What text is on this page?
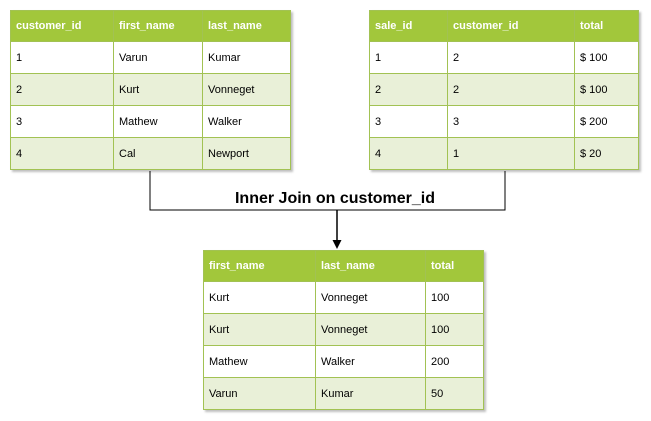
customer_id	first_name	last_name
1	Varun	Kumar
2	Kurt	Vonneget
3	Mathew	Walker
4	Cal	Newport
sale_id	customer_id	total
1	2	$ 100
2	2	$ 100
3	3	$ 200
4	1	$ 20
Inner Join on customer_id
first_name	last_name	total
Kurt	Vonneget	100
Kurt	Vonneget	100
Mathew	Walker	200
Varun	Kumar	50
